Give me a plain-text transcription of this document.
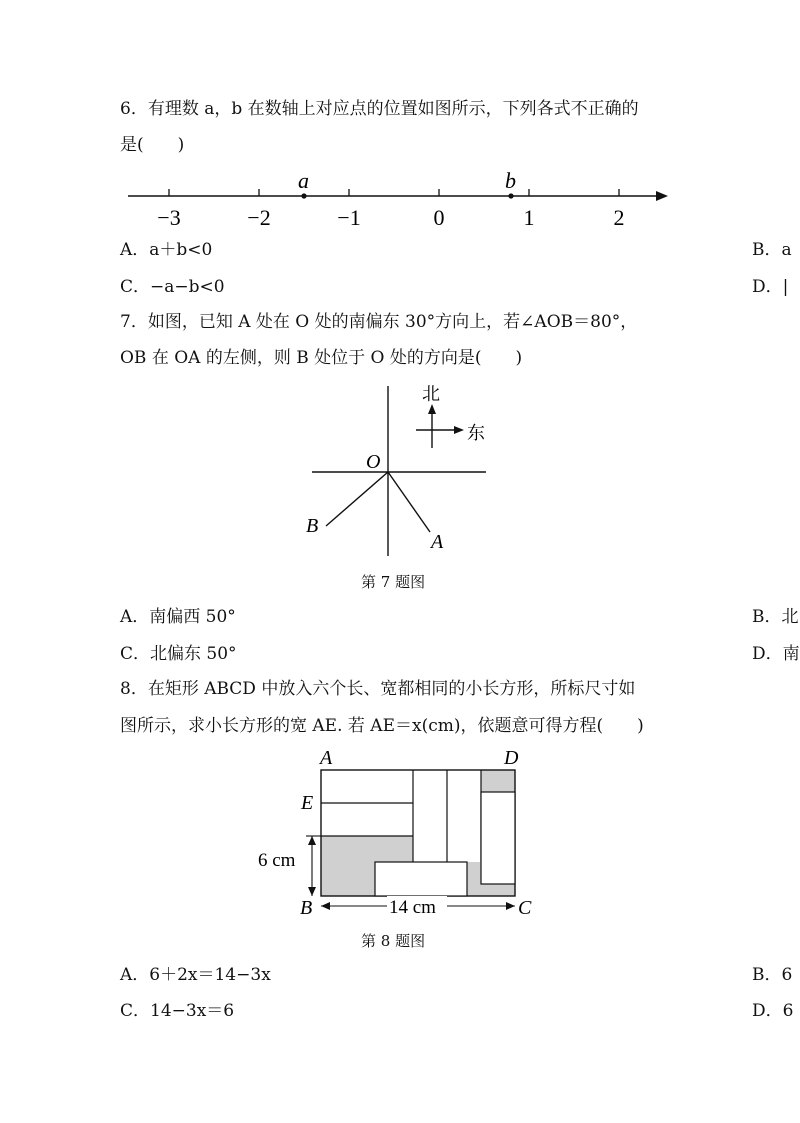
6．有理数 a，b 在数轴上对应点的位置如图所示，下列各式不正确的
是(　　)
−3	−2	−1	0	1	2
a	b
A．a＋b<0	B．a
C．−a−b<0	D．|
7．如图，已知 A 处在 O 处的南偏东 30°方向上，若∠AOB＝80°，
OB 在 OA 的左侧，则 B 处位于 O 处的方向是(　　)
北
东
O
B
A
第 7 题图
A．南偏西 50°	B．北
C．北偏东 50°	D．南
8．在矩形 ABCD 中放入六个长、宽都相同的小长方形，所标尺寸如
图所示，求小长方形的宽 AE. 若 AE＝x(cm)，依题意可得方程(　　)
14 cm
6 cm
A	D
B	C
E
第 8 题图
A．6＋2x＝14−3x	B．6
C．14−3x＝6	D．6
